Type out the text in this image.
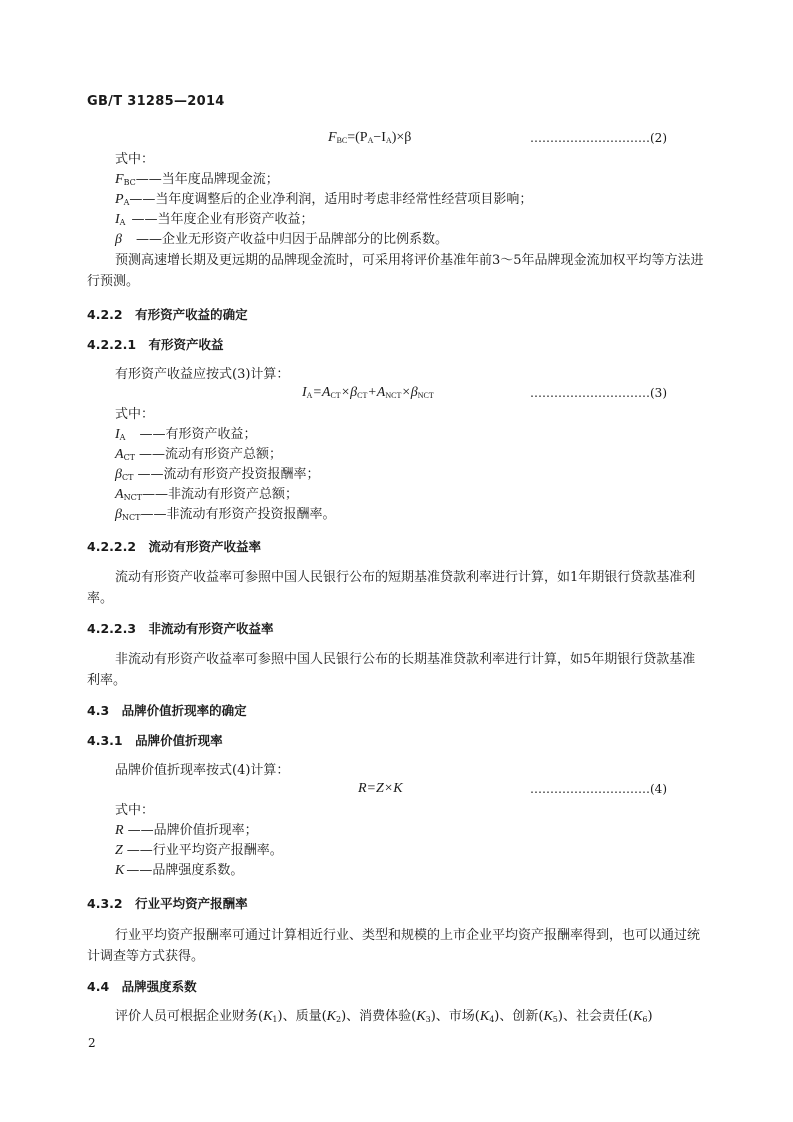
GB/T 31285—2014
$F_{BC}=(P_A-I_A)\times\beta$	…………………………(2)
式中：
$F_{BC}——$当年度品牌现金流；
$P_A——$当年度调整后的企业净利润，适用时考虑非经常性经营项目影响；
$I_A$ ——当年度企业有形资产收益；
β ——企业无形资产收益中归因于品牌部分的比例系数。
预测高速增长期及更远期的品牌现金流时，可采用将评价基准年前3～5年品牌现金流加权平均等方法进行预测。
4.2.2　有形资产收益的确定
4.2.2.1　有形资产收益
有形资产收益应按式(3)计算：
$I_A=A_{CT}\times\beta_{CT}+A_{NCT}\times\beta_{NCT}$	…………………………(3)
式中：
$I_A$ ——有形资产收益；
$A_{CT}$ ——流动有形资产总额；
$\beta_{CT}$ ——流动有形资产投资报酬率；
$A_{NCT}——$非流动有形资产总额；
$\beta_{NCT}——$非流动有形资产投资报酬率。
4.2.2.2　流动有形资产收益率
流动有形资产收益率可参照中国人民银行公布的短期基准贷款利率进行计算，如1年期银行贷款基准利率。
4.2.2.3　非流动有形资产收益率
非流动有形资产收益率可参照中国人民银行公布的长期基准贷款利率进行计算，如5年期银行贷款基准利率。
4.3　品牌价值折现率的确定
4.3.1　品牌价值折现率
品牌价值折现率按式(4)计算：
R=Z×K	…………………………(4)
式中：
R ——品牌价值折现率；
Z ——行业平均资产报酬率。
K ——品牌强度系数。
4.3.2　行业平均资产报酬率
行业平均资产报酬率可通过计算相近行业、类型和规模的上市企业平均资产报酬率得到，也可以通过统计调查等方式获得。
4.4　品牌强度系数
评价人员可根据企业财务$(K_1)$、质量$(K_2)$、消费体验$(K_3)$、市场$(K_4)$、创新$(K_5)$、社会责任$(K_6)$
2
